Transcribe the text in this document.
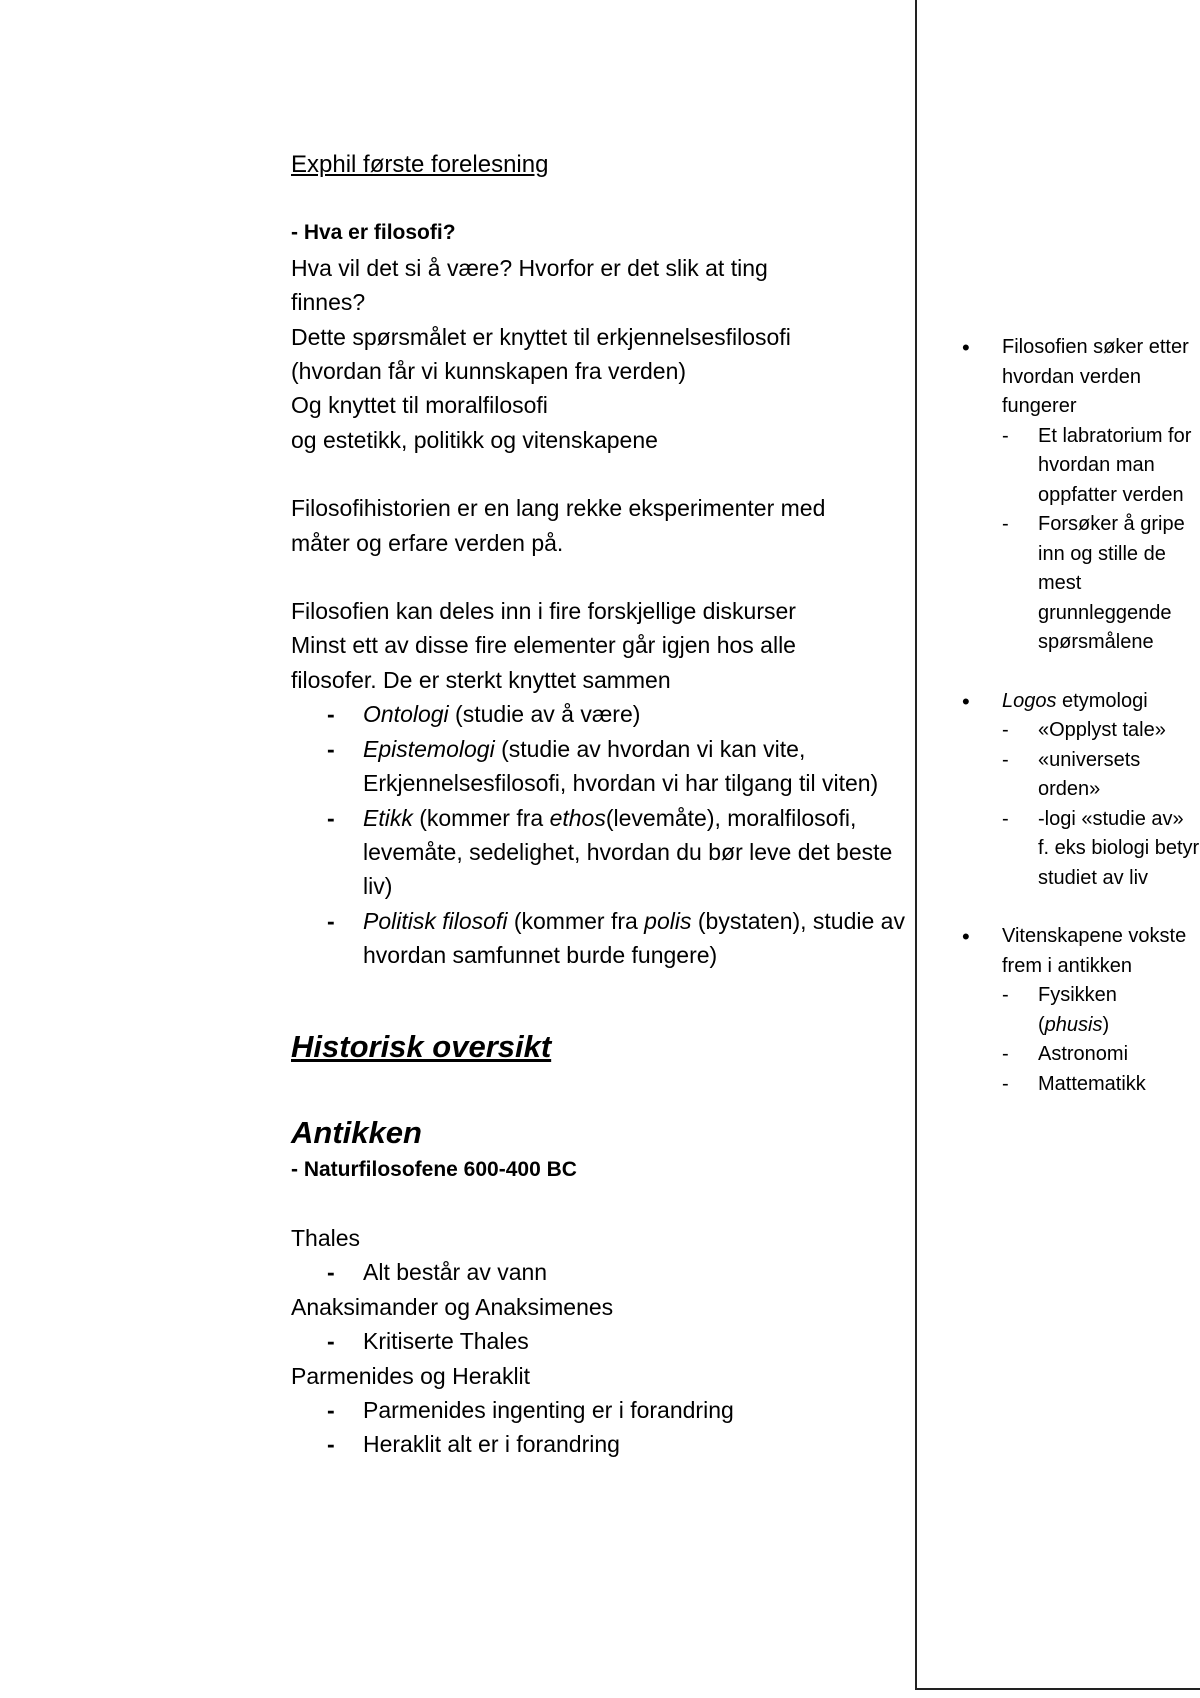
Exphil første forelesning

- Hva er filosofi?

Hva vil det si å være? Hvorfor er det slik at ting

finnes?

Dette spørsmålet er knyttet til erkjennelsesfilosofi

(hvordan får vi kunnskapen fra verden)

Og knyttet til moralfilosofi

og estetikk, politikk og vitenskapene

Filosofihistorien er en lang rekke eksperimenter med

måter og erfare verden på.

Filosofien kan deles inn i fire forskjellige diskurser

Minst ett av disse fire elementer går igjen hos alle

filosofer. De er sterkt knyttet sammen

- Ontologi (studie av å være)
- Epistemologi (studie av hvordan vi kan vite, Erkjennelsesfilosofi, hvordan vi har tilgang til viten)
- Etikk (kommer fra ethos(levemåte), moralfilosofi, levemåte, sedelighet, hvordan du bør leve det beste liv)
- Politisk filosofi (kommer fra polis (bystaten), studie av hvordan samfunnet burde fungere)

Historisk oversikt

Antikken

- Naturfilosofene 600-400 BC

Thales

- Alt består av vann

Anaksimander og Anaksimenes

- Kritiserte Thales

Parmenides og Heraklit

- Parmenides ingenting er i forandring
- Heraklit alt er i forandring
• Filosofien søker etter hvordan verden fungerer
- Et labratorium for hvordan man oppfatter verden
- Forsøker å gripe inn og stille de mest grunnleggende spørsmålene
• Logos etymologi
- «Opplyst tale»
- «universets orden»
- -logi «studie av» f. eks biologi betyr studiet av liv
• Vitenskapene vokste frem i antikken
- Fysikken
(phusis)
- Astronomi
- Mattematikk
